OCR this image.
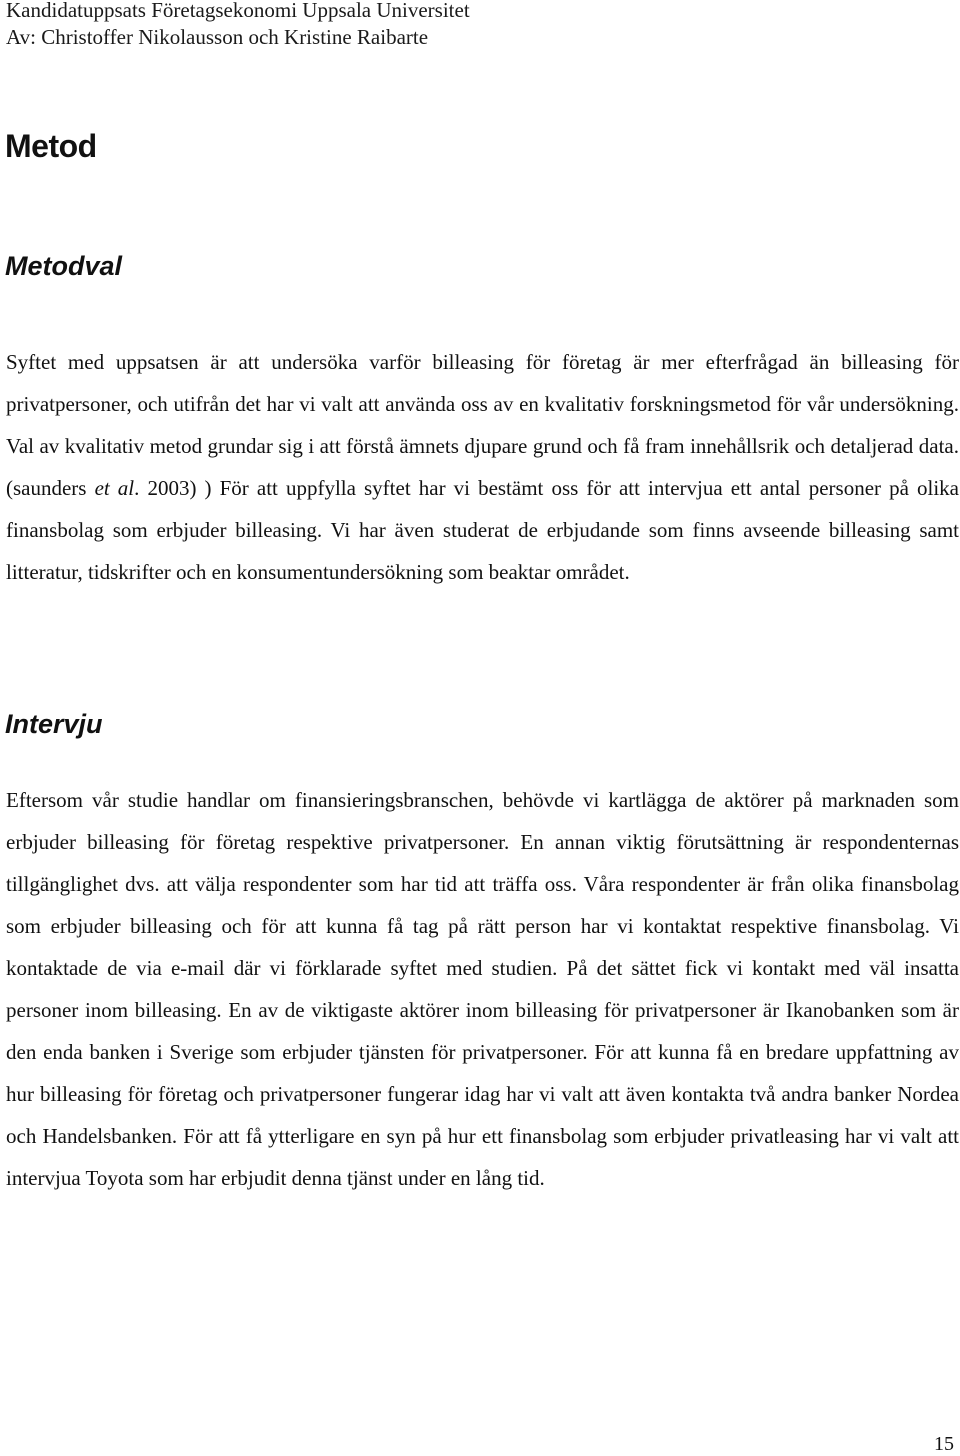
Kandidatuppsats Företagsekonomi Uppsala Universitet
Av: Christoffer Nikolausson och Kristine Raibarte
Metod
Metodval

Syftet med uppsatsen är att undersöka varför billeasing för företag är mer efterfrågad än billeasing för privatpersoner, och utifrån det har vi valt att använda oss av en kvalitativ forskningsmetod för vår undersökning. Val av kvalitativ metod grundar sig i att förstå ämnets djupare grund och få fram innehållsrik och detaljerad data.(saunders et al. 2003) ) För att uppfylla syftet har vi bestämt oss för att intervjua ett antal personer på olika finansbolag som erbjuder billeasing. Vi har även studerat de erbjudande som finns avseende billeasing samt litteratur, tidskrifter och en konsumentundersökning som beaktar området.

Intervju

Eftersom vår studie handlar om finansieringsbranschen, behövde vi kartlägga de aktörer på marknaden som erbjuder billeasing för företag respektive privatpersoner. En annan viktig förutsättning är respondenternas tillgänglighet dvs. att välja respondenter som har tid att träffa oss. Våra respondenter är från olika finansbolag som erbjuder billeasing och för att kunna få tag på rätt person har vi kontaktat respektive finansbolag. Vi kontaktade de via e-mail där vi förklarade syftet med studien. På det sättet fick vi kontakt med väl insatta personer inom billeasing. En av de viktigaste aktörer inom billeasing för privatpersoner är Ikanobanken som är den enda banken i Sverige som erbjuder tjänsten för privatpersoner. För att kunna få en bredare uppfattning av hur billeasing för företag och privatpersoner fungerar idag har vi valt att även kontakta två andra banker Nordea och Handelsbanken. För att få ytterligare en syn på hur ett finansbolag som erbjuder privatleasing har vi valt att intervjua Toyota som har erbjudit denna tjänst under en lång tid.

15
